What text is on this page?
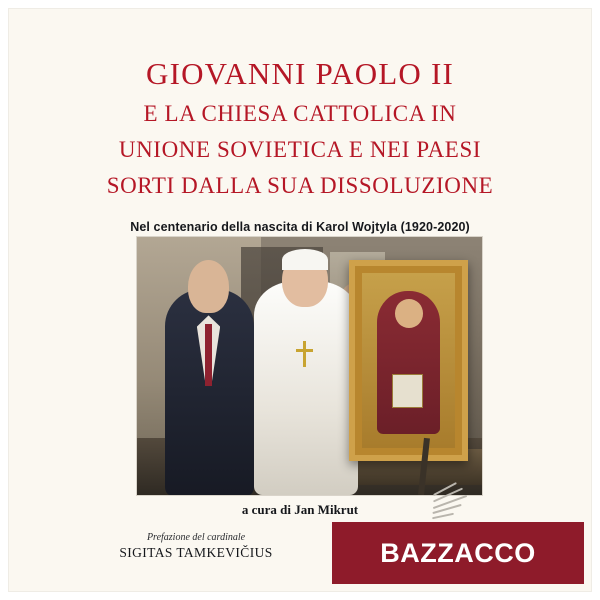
GIOVANNI PAOLO II
E LA CHIESA CATTOLICA IN
UNIONE SOVIETICA E NEI PAESI
SORTI DALLA SUA DISSOLUZIONE
Nel centenario della nascita di Karol Wojtyla (1920-2020)
a cura di Jan Mikrut
Prefazione del cardinale
SIGITAS TAMKEVIČIUS	BAZZACCO
